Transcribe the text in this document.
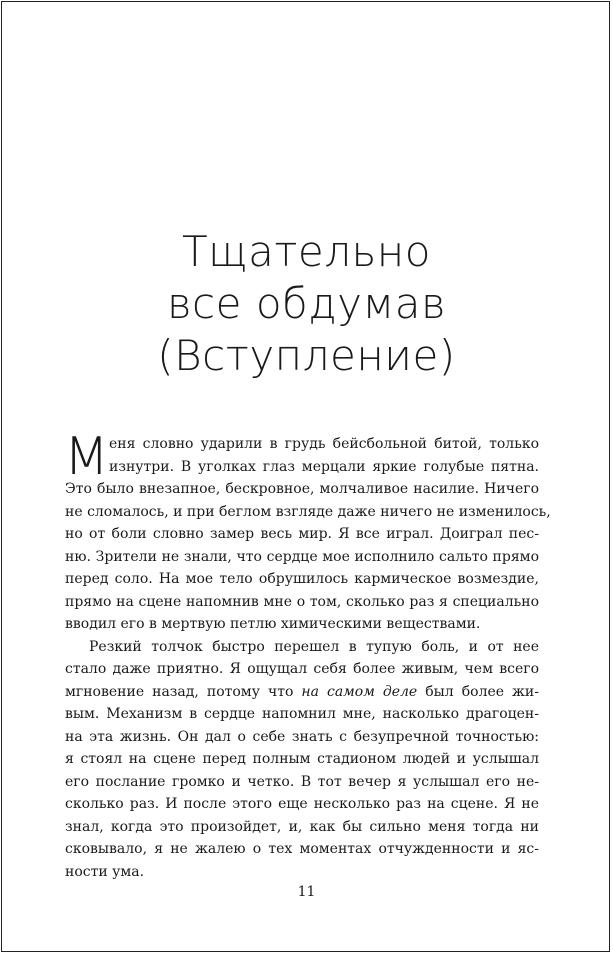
Тщательно
все обдумав
(Вступление)
М еня словно ударили в грудь бейсбольной битой, только
изнутри. В уголках глаз мерцали яркие голубые пятна.
Это было внезапное, бескровное, молчаливое насилие. Ничего
не сломалось, и при беглом взгляде даже ничего не изменилось,
но от боли словно замер весь мир. Я все играл. Доиграл пес-
ню. Зрители не знали, что сердце мое исполнило сальто прямо
перед соло. На мое тело обрушилось кармическое возмездие,
прямо на сцене напомнив мне о том, сколько раз я специально
вводил его в мертвую петлю химическими веществами.
Резкий толчок быстро перешел в тупую боль, и от нее
стало даже приятно. Я ощущал себя более живым, чем всего
мгновение назад, потому что на самом деле был более жи-
вым. Механизм в сердце напомнил мне, насколько драгоцен-
на эта жизнь. Он дал о себе знать с безупречной точностью:
я стоял на сцене перед полным стадионом людей и услышал
его послание громко и четко. В тот вечер я услышал его не-
сколько раз. И после этого еще несколько раз на сцене. Я не
знал, когда это произойдет, и, как бы сильно меня тогда ни
сковывало, я не жалею о тех моментах отчужденности и яс-
ности ума.
11
